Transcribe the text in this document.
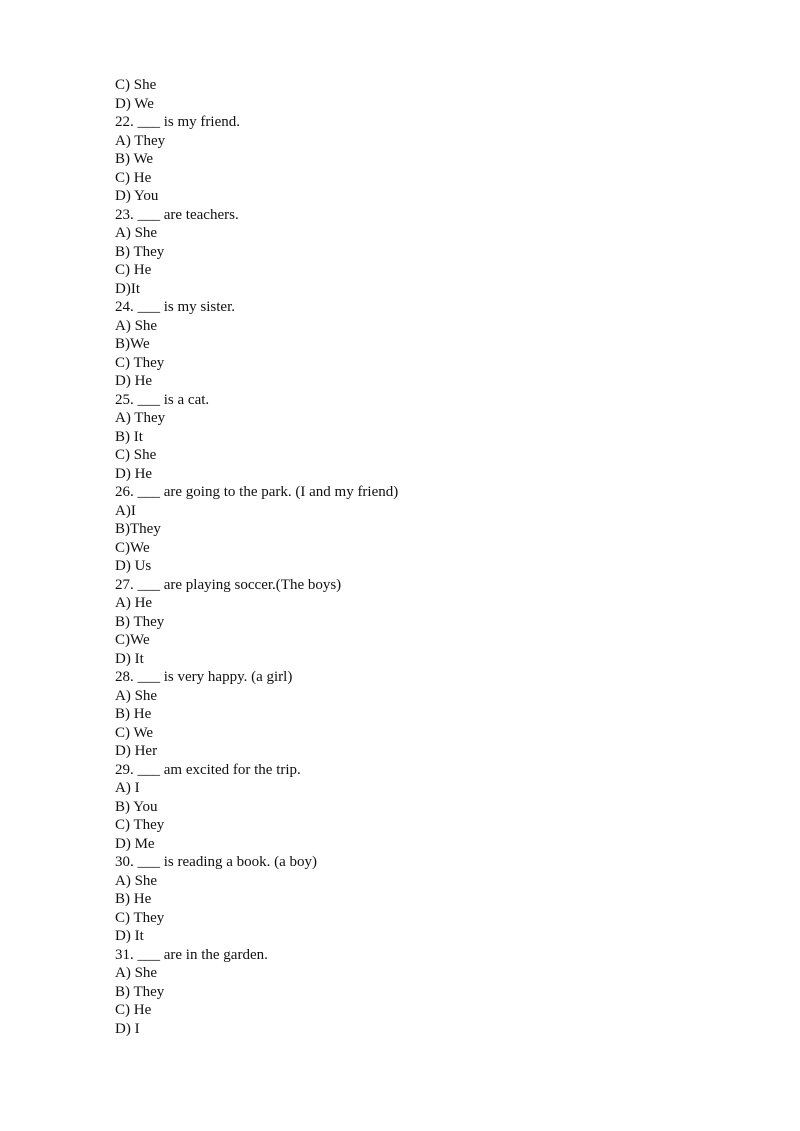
C) She
D) We
22. ___ is my friend.
A) They
B) We
C) He
D) You
23. ___ are teachers.
A) She
B) They
C) He
D)It
24. ___ is my sister.
A) She
B)We
C) They
D) He
25. ___ is a cat.
A) They
B) It
C) She
D) He
26. ___ are going to the park. (I and my friend)
A)I
B)They
C)We
D) Us
27. ___ are playing soccer.(The boys)
A) He
B) They
C)We
D) It
28. ___ is very happy. (a girl)
A) She
B) He
C) We
D) Her
29. ___ am excited for the trip.
A) I
B) You
C) They
D) Me
30. ___ is reading a book. (a boy)
A) She
B) He
C) They
D) It
31. ___ are in the garden.
A) She
B) They
C) He
D) I
